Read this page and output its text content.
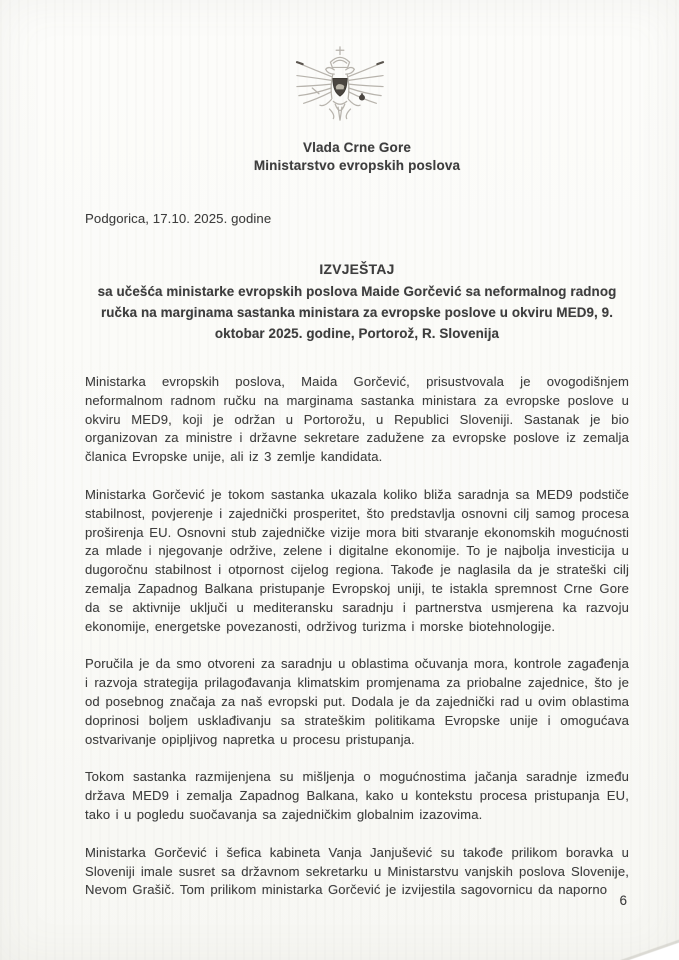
Vlada Crne Gore
Ministarstvo evropskih poslova
Podgorica, 17.10. 2025. godine
IZVJEŠTAJ
sa učešća ministarke evropskih poslova Maide Gorčević sa neformalnog radnog ručka na marginama sastanka ministara za evropske poslove u okviru MED9, 9. oktobar 2025. godine, Portorož, R. Slovenija

Ministarka evropskih poslova, Maida Gorčević, prisustvovala je ovogodišnjem neformalnom radnom ručku na marginama sastanka ministara za evropske poslove u okviru MED9, koji je održan u Portorožu, u Republici Sloveniji. Sastanak je bio organizovan za ministre i državne sekretare zadužene za evropske poslove iz zemalja članica Evropske unije, ali iz 3 zemlje kandidata.

Ministarka Gorčević je tokom sastanka ukazala koliko bliža saradnja sa MED9 podstiče stabilnost, povjerenje i zajednički prosperitet, što predstavlja osnovni cilj samog procesa proširenja EU. Osnovni stub zajedničke vizije mora biti stvaranje ekonomskih mogućnosti za mlade i njegovanje održive, zelene i digitalne ekonomije. To je najbolja investicija u dugoročnu stabilnost i otpornost cijelog regiona. Takođe je naglasila da je strateški cilj zemalja Zapadnog Balkana pristupanje Evropskoj uniji, te istakla spremnost Crne Gore da se aktivnije uključi u mediteransku saradnju i partnerstva usmjerena ka razvoju ekonomije, energetske povezanosti, održivog turizma i morske biotehnologije.

Poručila je da smo otvoreni za saradnju u oblastima očuvanja mora, kontrole zagađenja i razvoja strategija prilagođavanja klimatskim promjenama za priobalne zajednice, što je od posebnog značaja za naš evropski put. Dodala je da zajednički rad u ovim oblastima doprinosi boljem usklađivanju sa strateškim politikama Evropske unije i omogućava ostvarivanje opipljivog napretka u procesu pristupanja.

Tokom sastanka razmijenjena su mišljenja o mogućnostima jačanja saradnje između država MED9 i zemalja Zapadnog Balkana, kako u kontekstu procesa pristupanja EU, tako i u pogledu suočavanja sa zajedničkim globalnim izazovima.

Ministarka Gorčević i šefica kabineta Vanja Janjušević su takođe prilikom boravka u Sloveniji imale susret sa državnom sekretarku u Ministarstvu vanjskih poslova Slovenije, Nevom Grašič. Tom prilikom ministarka Gorčević je izvijestila sagovornicu da naporno

6
